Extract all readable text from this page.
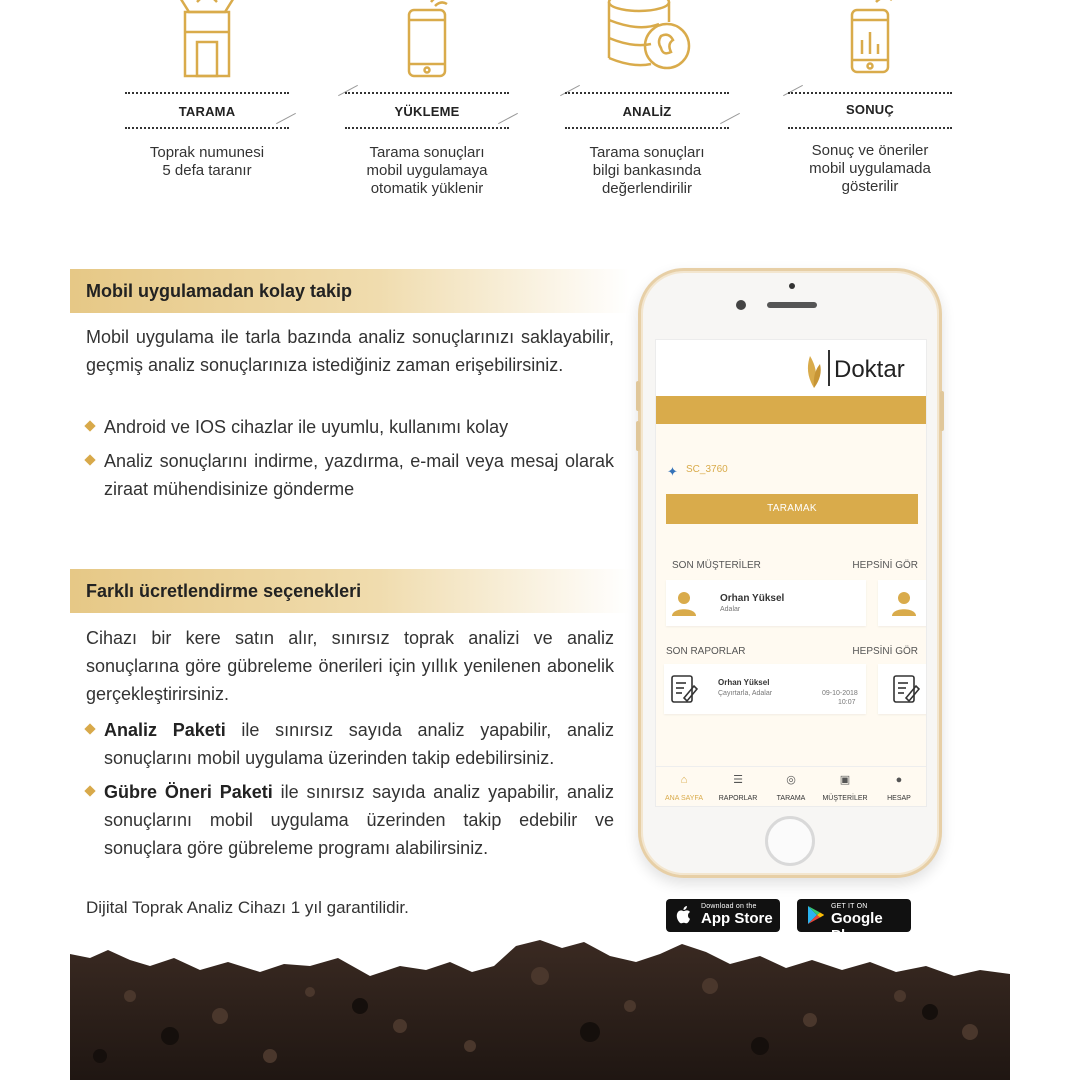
TARAMA
Toprak numunesi
5 defa taranır
YÜKLEME
Tarama sonuçları
mobil uygulamaya
otomatik yüklenir
ANALİZ
Tarama sonuçları
bilgi bankasında
değerlendirilir
SONUÇ
Sonuç ve öneriler
mobil uygulamada
gösterilir
Mobil uygulamadan kolay takip
Mobil uygulama ile tarla bazında analiz sonuçlarınızı saklayabilir, geçmiş analiz sonuçlarınıza istediğiniz zaman erişebilirsiniz.
Android ve IOS cihazlar ile uyumlu, kullanımı kolay
Analiz sonuçlarını indirme, yazdırma, e-mail veya mesaj olarak ziraat mühendisinize gönderme
Farklı ücretlendirme seçenekleri
Cihazı bir kere satın alır, sınırsız toprak analizi ve analiz sonuçlarına göre gübreleme önerileri için yıllık yenilenen abonelik gerçekleştirirsiniz.
Analiz Paketi ile sınırsız sayıda analiz yapabilir, analiz sonuçlarını mobil uygulama üzerinden takip edebilirsiniz.
Gübre Öneri Paketi ile sınırsız sayıda analiz yapabilir, analiz sonuçlarını mobil uygulama üzerinden takip edebilir ve sonuçlara göre gübreleme programı alabilirsiniz.
Dijital Toprak Analiz Cihazı 1 yıl garantilidir.
Doktar
✦ SC_3760
TARAMAK
SON MÜŞTERİLER	HEPSİNİ GÖR
Orhan Yüksel
Adalar
SON RAPORLAR	HEPSİNİ GÖR
Orhan Yüksel
Çayırtarla, Adalar	09-10-2018
10:07
⌂
ANA SAYFA
☰
RAPORLAR
◎
TARAMA
▣
MÜŞTERİLER
●
HESAP
Download on the
App Store
GET IT ON
Google Play
